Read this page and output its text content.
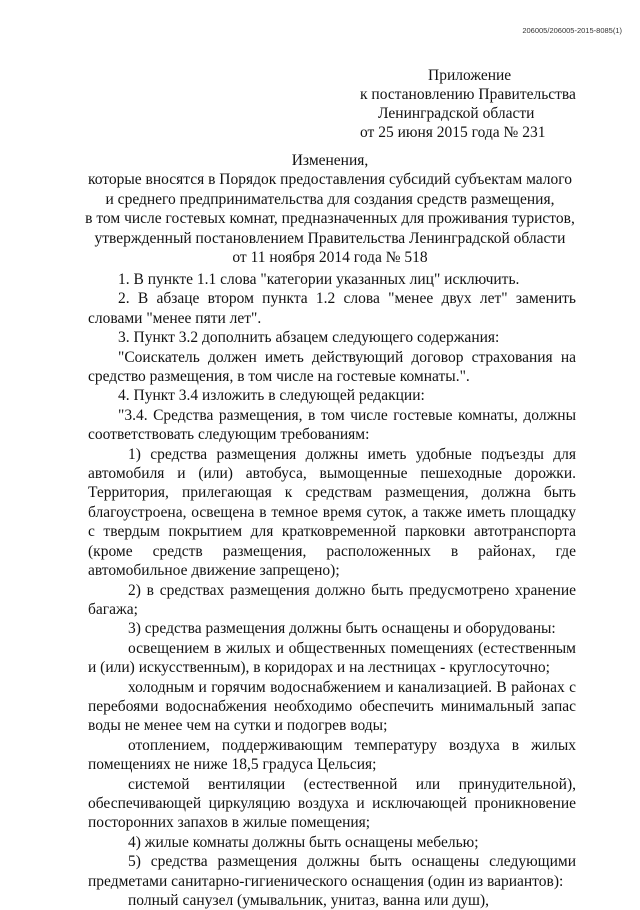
206005/206005-2015-8085(1)
Приложение
к постановлению Правительства
Ленинградской области
от 25 июня 2015 года № 231
Изменения,
которые вносятся в Порядок предоставления субсидий субъектам малого
и среднего предпринимательства для создания средств размещения,
в том числе гостевых комнат, предназначенных для проживания туристов,
утвержденный постановлением Правительства Ленинградской области
от 11 ноября 2014 года № 518

1. В пункте 1.1 слова "категории указанных лиц" исключить.

2. В абзаце втором пункта 1.2 слова "менее двух лет" заменить словами "менее пяти лет".

3. Пункт 3.2 дополнить абзацем следующего содержания:

"Соискатель должен иметь действующий договор страхования на средство размещения, в том числе на гостевые комнаты.".

4. Пункт 3.4 изложить в следующей редакции:

"3.4. Средства размещения, в том числе гостевые комнаты, должны соответствовать следующим требованиям:

1) средства размещения должны иметь удобные подъезды для автомобиля и (или) автобуса, вымощенные пешеходные дорожки. Территория, прилегающая к средствам размещения, должна быть благоустроена, освещена в темное время суток, а также иметь площадку с твердым покрытием для кратковременной парковки автотранспорта (кроме средств размещения, расположенных в районах, где автомобильное движение запрещено);

2) в средствах размещения должно быть предусмотрено хранение багажа;

3) средства размещения должны быть оснащены и оборудованы:

освещением в жилых и общественных помещениях (естественным и (или) искусственным), в коридорах и на лестницах - круглосуточно;

холодным и горячим водоснабжением и канализацией. В районах с перебоями водоснабжения необходимо обеспечить минимальный запас воды не менее чем на сутки и подогрев воды;

отоплением, поддерживающим температуру воздуха в жилых помещениях не ниже 18,5 градуса Цельсия;

системой вентиляции (естественной или принудительной), обеспечивающей циркуляцию воздуха и исключающей проникновение посторонних запахов в жилые помещения;

4) жилые комнаты должны быть оснащены мебелью;

5) средства размещения должны быть оснащены следующими предметами санитарно-гигиенического оснащения (один из вариантов):

полный санузел (умывальник, унитаз, ванна или душ),
